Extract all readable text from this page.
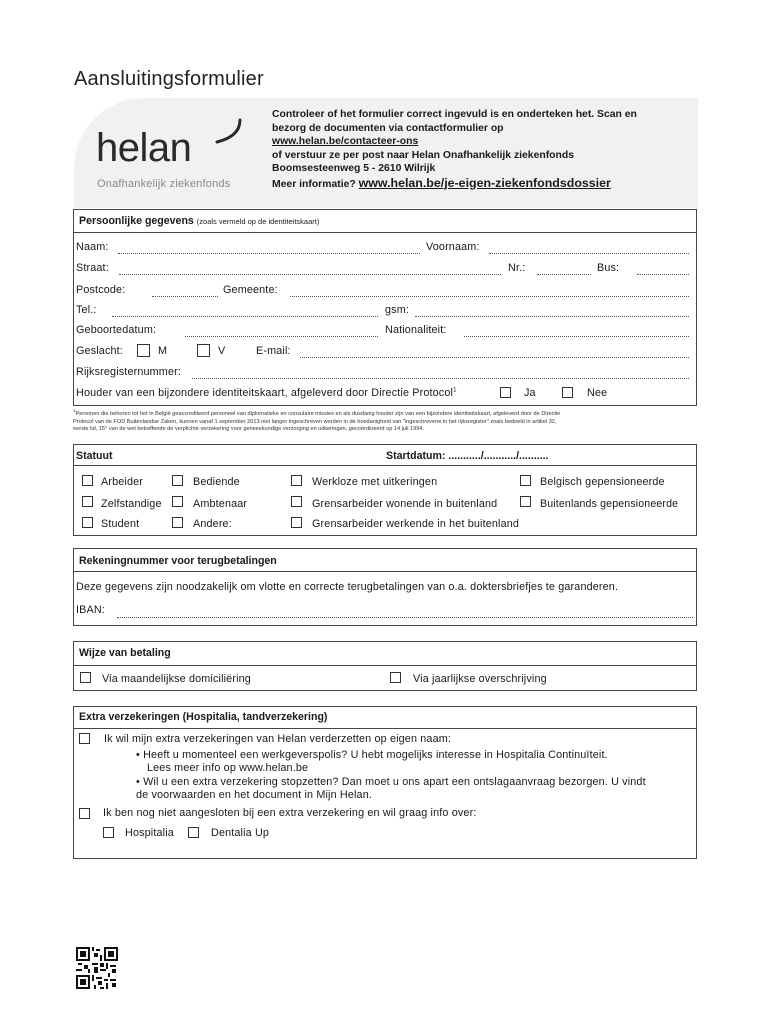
Aansluitingsformulier
helan
Onafhankelijk ziekenfonds
Controleer of het formulier correct ingevuld is en onderteken het. Scan en
bezorg de documenten via contactformulier op
www.helan.be/contacteer-ons
of verstuur ze per post naar Helan Onafhankelijk ziekenfonds
Boomsesteenweg 5 - 2610 Wilrijk
Meer informatie? www.helan.be/je-eigen-ziekenfondsdossier
Persoonlijke gegevens (zoals vermeld op de identiteitskaart)
Naam:	Voornaam:
Straat:	Nr.:	Bus:
Postcode:	Gemeente:
Tel.:	gsm:
Geboortedatum:	Nationaliteit:
Geslacht:	M	V	E-mail:
Rijksregisternummer:
Houder van een bijzondere identiteitskaart, afgeleverd door Directie Protocol$^1$	Ja	Nee
$^1$Personen die behoren tot het in België geaccrediteerd personeel van diplomatieke en consulaire missies en als dusdanig houder zijn van een bijzondere identiteitskaart, afgeleverd door de Directie
Protocol van de FOD Buitenlandse Zaken, kunnen vanaf 1 september 2013 niet langer ingeschreven worden in de hoedanigheid van "ingeschrevene in het rijksregister" zoals bedoeld in artikel 32,
eerste lid, 15° van de wet betreffende de verplichte verzekering voor geneeskundige verzorging en uitkeringen, gecoördineerd op 14 juli 1994.
Statuut	Startdatum: .........../.........../..........
Arbeider	Bediende	Werkloze met uitkeringen	Belgisch gepensioneerde
Zelfstandige	Ambtenaar	Grensarbeider wonende in buitenland	Buitenlands gepensioneerde
Student	Andere:	Grensarbeider werkende in het buitenland
Rekeningnummer voor terugbetalingen
Deze gegevens zijn noodzakelijk om vlotte en correcte terugbetalingen van o.a. doktersbriefjes te garanderen.
IBAN:
Wijze van betaling
Via maandelijkse domiciliëring	Via jaarlijkse overschrijving
Extra verzekeringen (Hospitalia, tandverzekering)
Ik wil mijn extra verzekeringen van Helan verderzetten op eigen naam:
• Heeft u momenteel een werkgeverspolis? U hebt mogelijks interesse in Hospitalia Continuïteit.
Lees meer info op www.helan.be
• Wil u een extra verzekering stopzetten? Dan moet u ons apart een ontslagaanvraag bezorgen. U vindt
de voorwaarden en het document in Mijn Helan.
Ik ben nog niet aangesloten bij een extra verzekering en wil graag info over:
Hospitalia	Dentalia Up
